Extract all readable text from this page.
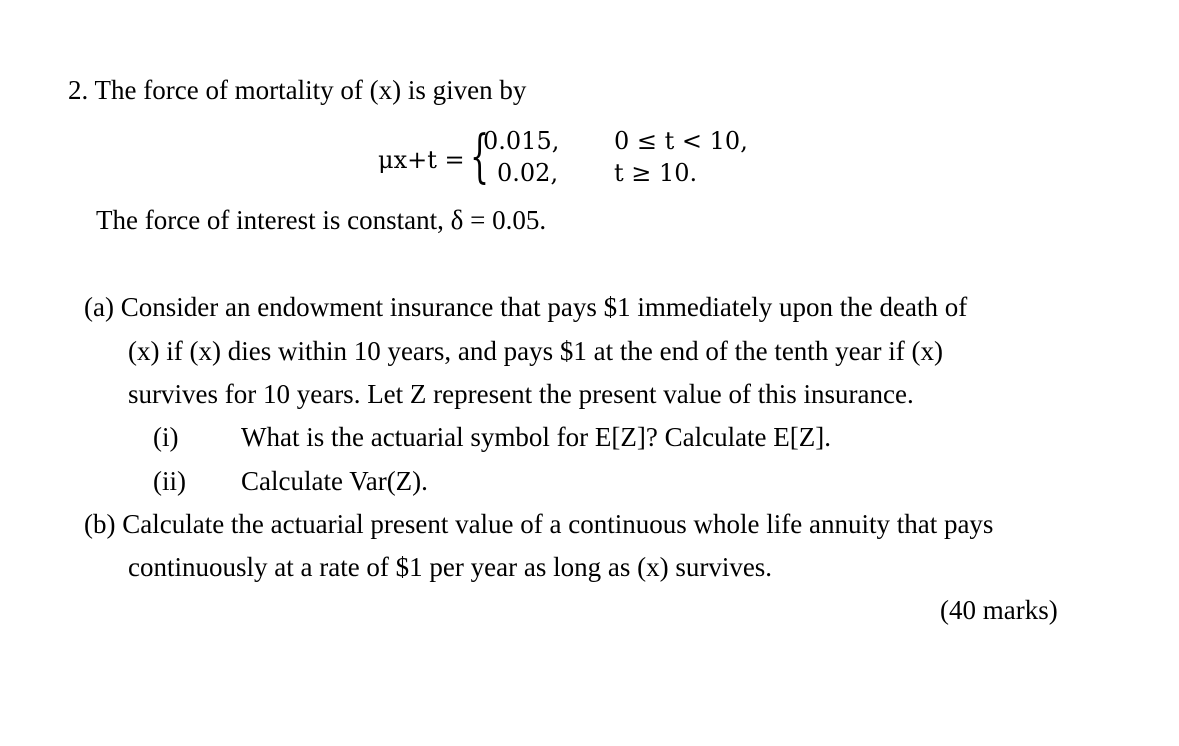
2. The force of mortality of (x) is given by
μx+t = {
0.015, 0 ≤ t < 10,
0.02, t ≥ 10.
The force of interest is constant, δ = 0.05.
(a) Consider an endowment insurance that pays $1 immediately upon the death of
(x) if (x) dies within 10 years, and pays $1 at the end of the tenth year if (x)
survives for 10 years. Let Z represent the present value of this insurance.
(i) What is the actuarial symbol for E[Z]? Calculate E[Z].
(ii) Calculate Var(Z).
(b) Calculate the actuarial present value of a continuous whole life annuity that pays
continuously at a rate of $1 per year as long as (x) survives.
(40 marks)
